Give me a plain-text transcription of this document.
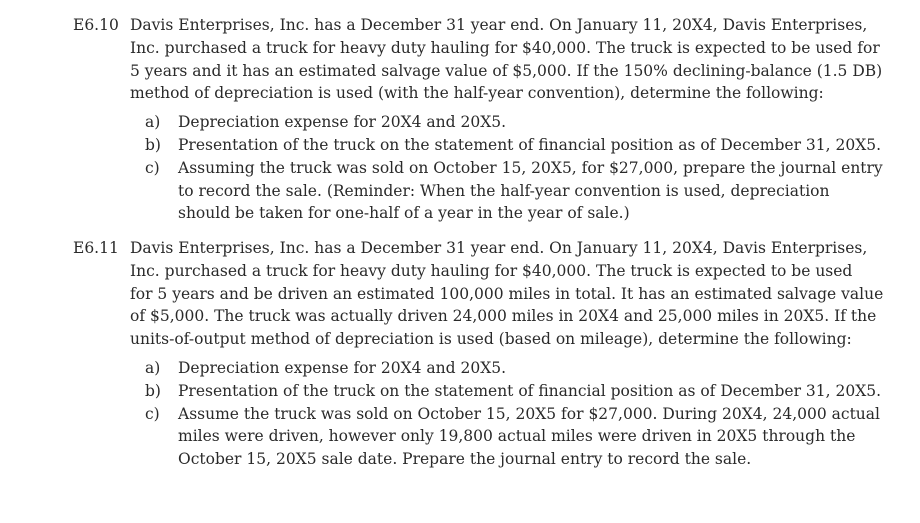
E6.10 Davis Enterprises, Inc. has a December 31 year end. On January 11, 20X4, Davis Enterprises,
Inc. purchased a truck for heavy duty hauling for $40,000. The truck is expected to be used for
5 years and it has an estimated salvage value of $5,000. If the 150% declining-balance (1.5 DB)
method of depreciation is used (with the half-year convention), determine the following:
a)	Depreciation expense for 20X4 and 20X5.
b)	Presentation of the truck on the statement of financial position as of December 31, 20X5.
c)	Assuming the truck was sold on October 15, 20X5, for $27,000, prepare the journal entry
to record the sale. (Reminder: When the half-year convention is used, depreciation
should be taken for one-half of a year in the year of sale.)
E6.11 Davis Enterprises, Inc. has a December 31 year end. On January 11, 20X4, Davis Enterprises,
Inc. purchased a truck for heavy duty hauling for $40,000. The truck is expected to be used
for 5 years and be driven an estimated 100,000 miles in total. It has an estimated salvage value
of $5,000. The truck was actually driven 24,000 miles in 20X4 and 25,000 miles in 20X5. If the
units-of-output method of depreciation is used (based on mileage), determine the following:
a)	Depreciation expense for 20X4 and 20X5.
b)	Presentation of the truck on the statement of financial position as of December 31, 20X5.
c)	Assume the truck was sold on October 15, 20X5 for $27,000. During 20X4, 24,000 actual
miles were driven, however only 19,800 actual miles were driven in 20X5 through the
October 15, 20X5 sale date. Prepare the journal entry to record the sale.
